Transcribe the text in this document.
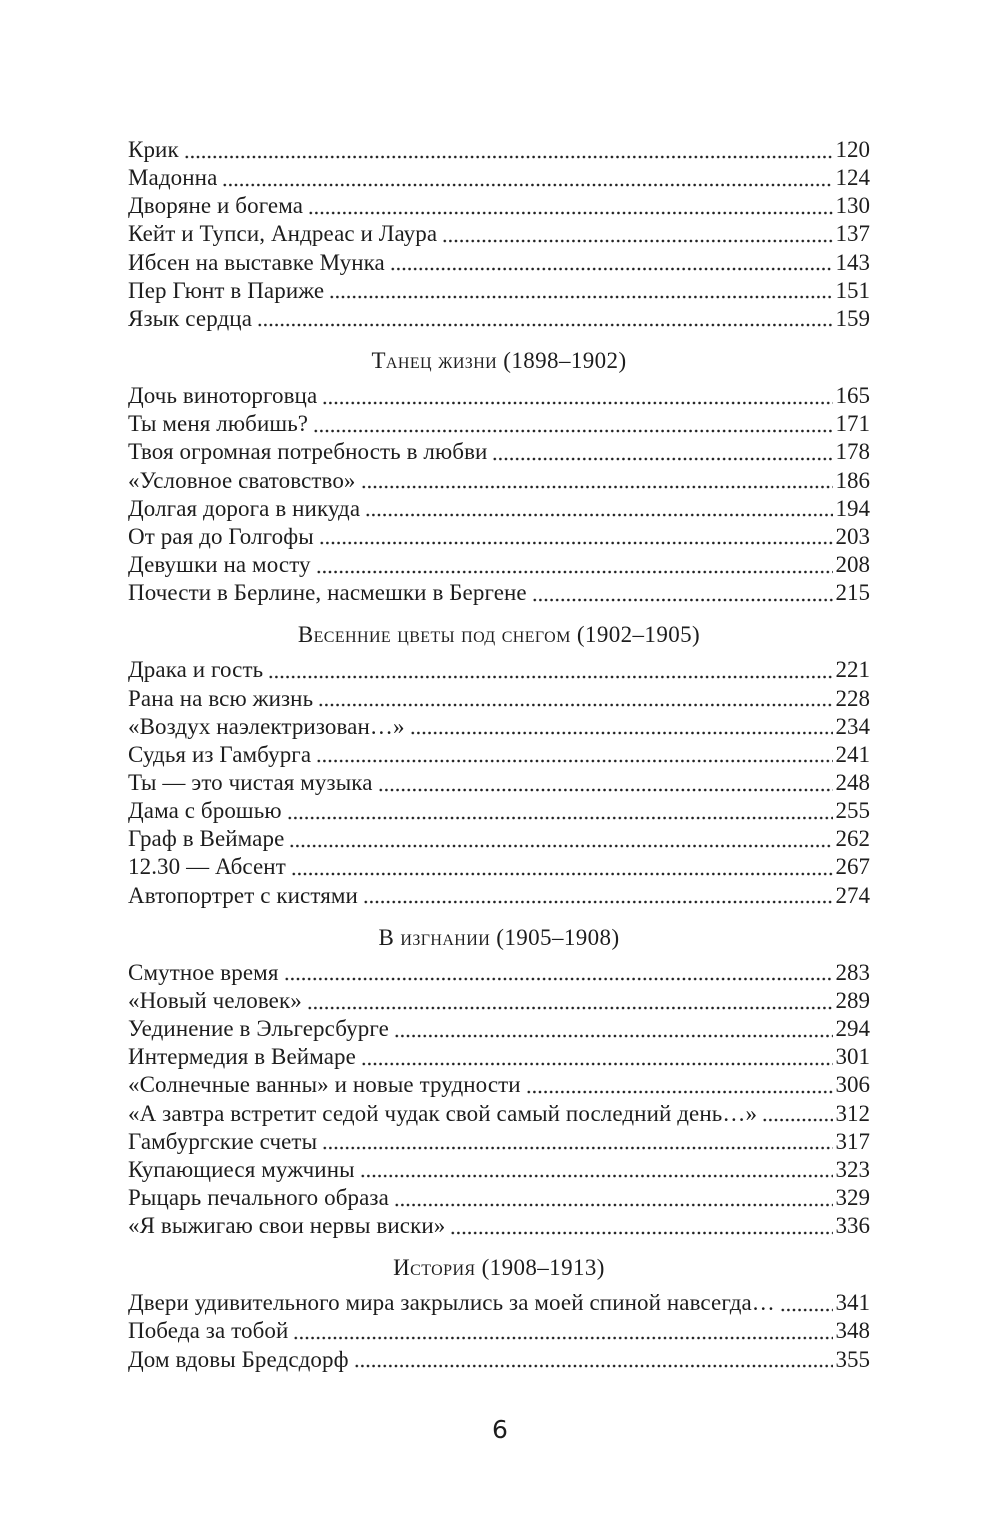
Крик	120
Мадонна	124
Дворяне и богема	130
Кейт и Тупси, Андреас и Лаура	137
Ибсен на выставке Мунка	143
Пер Гюнт в Париже	151
Язык сердца	159
Танец жизни (1898–1902)
Дочь виноторговца	165
Ты меня любишь?	171
Твоя огромная потребность в любви	178
«Условное сватовство»	186
Долгая дорога в никуда	194
От рая до Голгофы	203
Девушки на мосту	208
Почести в Берлине, насмешки в Бергене	215
Весенние цветы под снегом (1902–1905)
Драка и гость	221
Рана на всю жизнь	228
«Воздух наэлектризован…»	234
Судья из Гамбурга	241
Ты — это чистая музыка	248
Дама с брошью	255
Граф в Веймаре	262
12.30 — Абсент	267
Автопортрет с кистями	274
В изгнании (1905–1908)
Смутное время	283
«Новый человек»	289
Уединение в Эльгерсбурге	294
Интермедия в Веймаре	301
«Солнечные ванны» и новые трудности	306
«А завтра встретит седой чудак свой самый последний день…»	312
Гамбургские счеты	317
Купающиеся мужчины	323
Рыцарь печального образа	329
«Я выжигаю свои нервы виски»	336
История (1908–1913)
Двери удивительного мира закрылись за моей спиной навсегда…	341
Победа за тобой	348
Дом вдовы Бредсдорф	355
6
